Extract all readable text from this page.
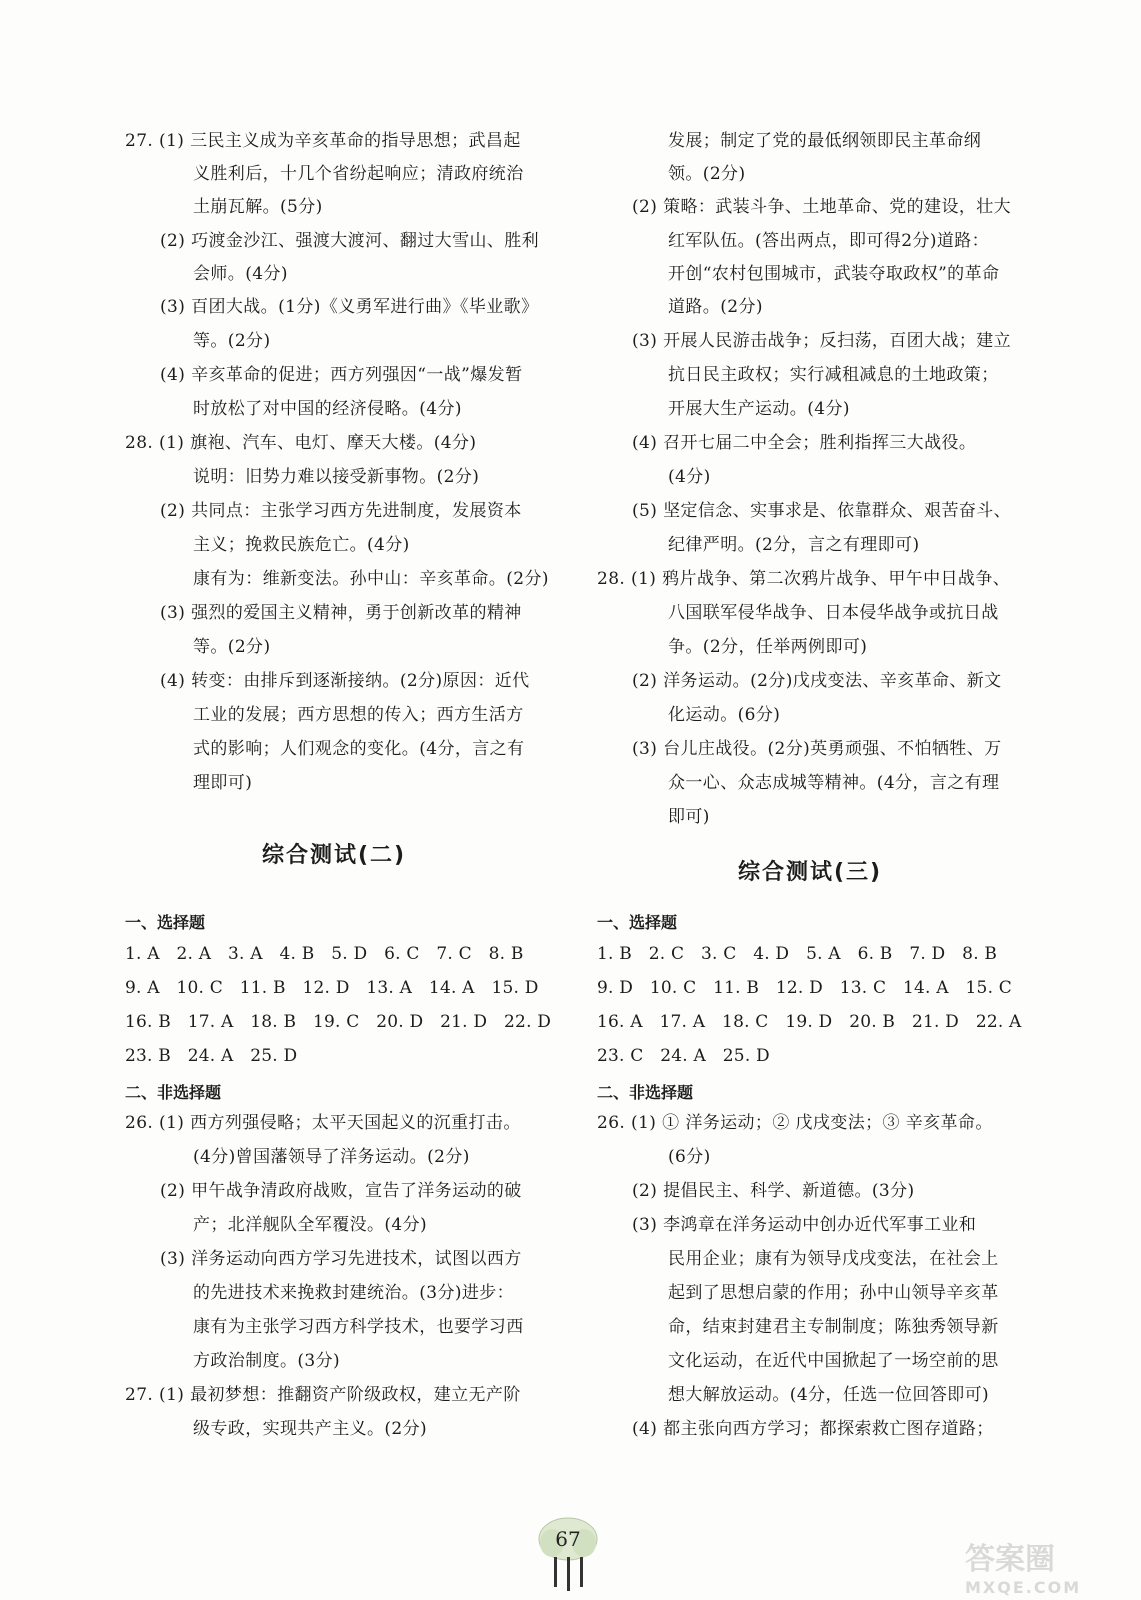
27. (1) 三民主义成为辛亥革命的指导思想；武昌起
义胜利后，十几个省纷起响应；清政府统治
土崩瓦解。(5分)
(2) 巧渡金沙江、强渡大渡河、翻过大雪山、胜利
会师。(4分)
(3) 百团大战。(1分)《义勇军进行曲》《毕业歌》
等。(2分)
(4) 辛亥革命的促进；西方列强因“一战”爆发暂
时放松了对中国的经济侵略。(4分)
28. (1) 旗袍、汽车、电灯、摩天大楼。(4分)
说明：旧势力难以接受新事物。(2分)
(2) 共同点：主张学习西方先进制度，发展资本
主义；挽救民族危亡。(4分)
康有为：维新变法。孙中山：辛亥革命。(2分)
(3) 强烈的爱国主义精神，勇于创新改革的精神
等。(2分)
(4) 转变：由排斥到逐渐接纳。(2分)原因：近代
工业的发展；西方思想的传入；西方生活方
式的影响；人们观念的变化。(4分，言之有
理即可)
综合测试(二)
一、选择题
1. A   2. A   3. A   4. B   5. D   6. C   7. C   8. B
9. A   10. C   11. B   12. D   13. A   14. A   15. D
16. B   17. A   18. B   19. C   20. D   21. D   22. D
23. B   24. A   25. D
二、非选择题
26. (1) 西方列强侵略；太平天国起义的沉重打击。
(4分)曾国藩领导了洋务运动。(2分)
(2) 甲午战争清政府战败，宣告了洋务运动的破
产；北洋舰队全军覆没。(4分)
(3) 洋务运动向西方学习先进技术，试图以西方
的先进技术来挽救封建统治。(3分)进步：
康有为主张学习西方科学技术，也要学习西
方政治制度。(3分)
27. (1) 最初梦想：推翻资产阶级政权，建立无产阶
级专政，实现共产主义。(2分)
发展；制定了党的最低纲领即民主革命纲
领。(2分)
(2) 策略：武装斗争、土地革命、党的建设，壮大
红军队伍。(答出两点，即可得2分)道路：
开创“农村包围城市，武装夺取政权”的革命
道路。(2分)
(3) 开展人民游击战争；反扫荡，百团大战；建立
抗日民主政权；实行减租减息的土地政策；
开展大生产运动。(4分)
(4) 召开七届二中全会；胜利指挥三大战役。
(4分)
(5) 坚定信念、实事求是、依靠群众、艰苦奋斗、
纪律严明。(2分，言之有理即可)
28. (1) 鸦片战争、第二次鸦片战争、甲午中日战争、
八国联军侵华战争、日本侵华战争或抗日战
争。(2分，任举两例即可)
(2) 洋务运动。(2分)戊戌变法、辛亥革命、新文
化运动。(6分)
(3) 台儿庄战役。(2分)英勇顽强、不怕牺牲、万
众一心、众志成城等精神。(4分，言之有理
即可)
综合测试(三)
一、选择题
1. B   2. C   3. C   4. D   5. A   6. B   7. D   8. B
9. D   10. C   11. B   12. D   13. C   14. A   15. C
16. A   17. A   18. C   19. D   20. B   21. D   22. A
23. C   24. A   25. D
二、非选择题
26. (1) ① 洋务运动；② 戊戌变法；③ 辛亥革命。
(6分)
(2) 提倡民主、科学、新道德。(3分)
(3) 李鸿章在洋务运动中创办近代军事工业和
民用企业；康有为领导戊戌变法，在社会上
起到了思想启蒙的作用；孙中山领导辛亥革
命，结束封建君主专制制度；陈独秀领导新
文化运动，在近代中国掀起了一场空前的思
想大解放运动。(4分，任选一位回答即可)
(4) 都主张向西方学习；都探索救亡图存道路；
67
答案圈
MXQE.COM
